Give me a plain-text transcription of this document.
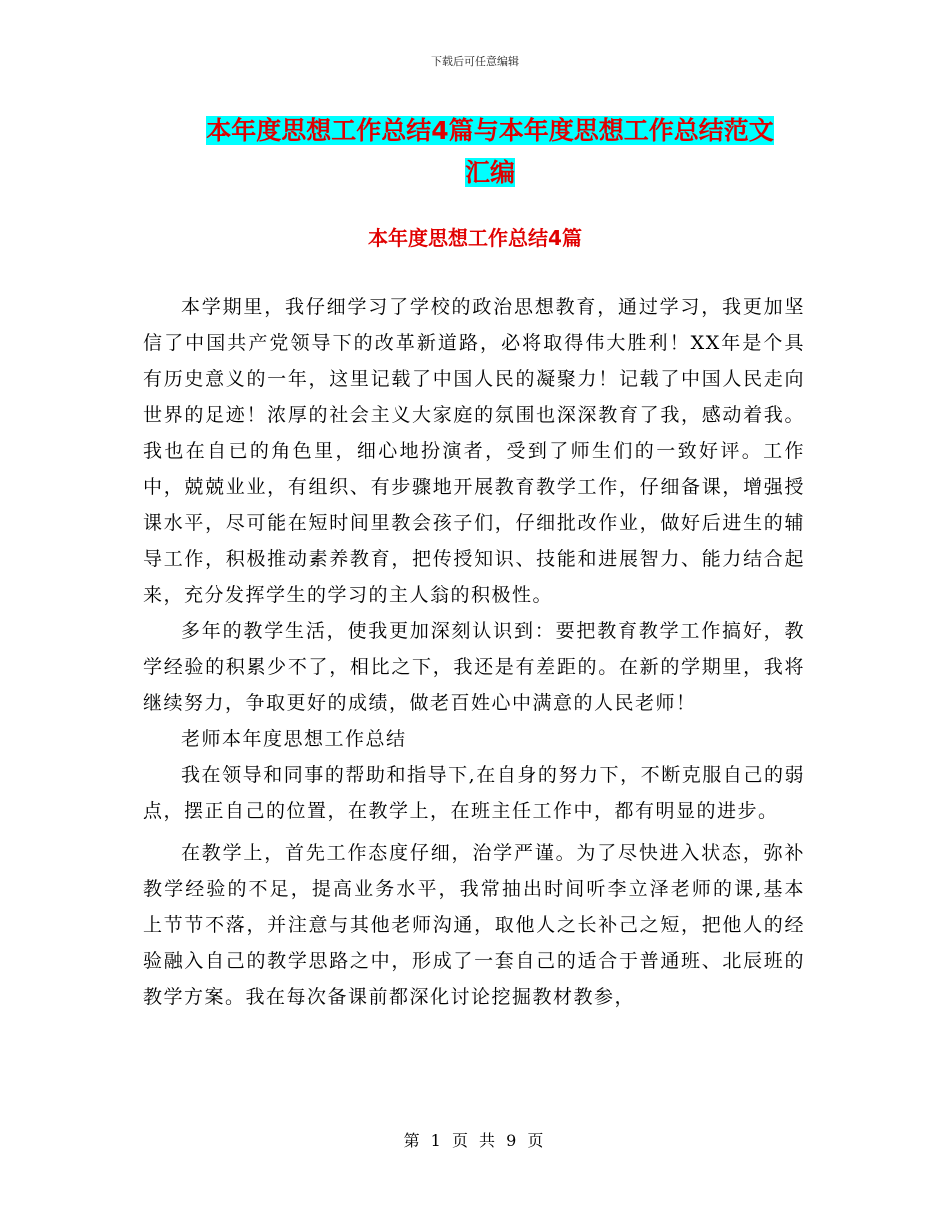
下载后可任意编辑
本年度思想工作总结4篇与本年度思想工作总结范文
汇编
本年度思想工作总结4篇

本学期里，我仔细学习了学校的政治思想教育，通过学习，我更加坚信了中国共产党领导下的改革新道路，必将取得伟大胜利！XX年是个具有历史意义的一年，这里记载了中国人民的凝聚力！记载了中国人民走向世界的足迹！浓厚的社会主义大家庭的氛围也深深教育了我，感动着我。我也在自已的角色里，细心地扮演者，受到了师生们的一致好评。工作中，兢兢业业，有组织、有步骤地开展教育教学工作，仔细备课，增强授课水平，尽可能在短时间里教会孩子们，仔细批改作业，做好后进生的辅导工作，积极推动素养教育，把传授知识、技能和进展智力、能力结合起来，充分发挥学生的学习的主人翁的积极性。

多年的教学生活，使我更加深刻认识到：要把教育教学工作搞好，教学经验的积累少不了，相比之下，我还是有差距的。在新的学期里，我将继续努力，争取更好的成绩，做老百姓心中满意的人民老师！

老师本年度思想工作总结

我在领导和同事的帮助和指导下,在自身的努力下，不断克服自己的弱点，摆正自己的位置，在教学上，在班主任工作中，都有明显的进步。

在教学上，首先工作态度仔细，治学严谨。为了尽快进入状态，弥补教学经验的不足，提高业务水平，我常抽出时间听李立泽老师的课,基本上节节不落，并注意与其他老师沟通，取他人之长补己之短，把他人的经验融入自己的教学思路之中，形成了一套自己的适合于普通班、北辰班的教学方案。我在每次备课前都深化讨论挖掘教材教参，

第 1 页 共 9 页
